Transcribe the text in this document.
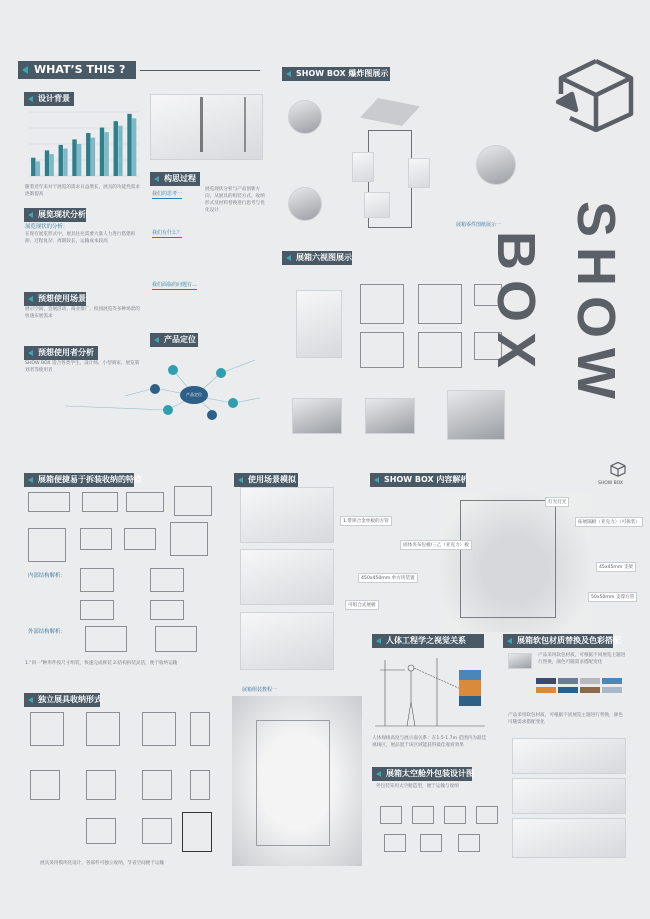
WHAT’S THIS ?
设计背景
随着近年来对于展览的需求日益增长，展具的功能性需求逐渐提高
展览现状分析
展览现状的分析：
在现有展览形式中，展具往往需要大量人力进行搭建拆卸，过程复杂，周期较长，运输成本较高
预想使用场景
展示空间、会展活动、商业推广、校园展览等多种场景的快速布展需求
预想使用者分析
SHOW BOX 适合各类学生、设计师、小型商家、展览策划者等使用者
构思过程
我们的思考一
我们有什么？
我们面临的问题有...
展览现状分析与产品创新方向，从展具的组装方式、收纳形式及材料替换进行思考与优化设计
产品定位
产品定位
SHOW BOX 爆炸图展示
展箱零件图纸展示一
展箱六视图展示	SHOW BOX
展箱便捷易于拆装收纳的特点
内部结构解析：
外部结构解析：
1."同一"种形件按尺寸组装，快速完成拆装 2.结构拆装灵活，便于收纳运输
独立展具收纳形式
展具采用模块化设计，各部件可独立收纳，节省空间便于运输
使用场景模拟
展箱组装教程一
SHOW BOX 内容解析	SHOW BOX
1.带锁合金单板的方管
可组合式展板
固体夹布包板/三乙（亚克力）板
450x450mm 单方块装置
灯光灯光
拓展隔板（亚克力）（可拆装）
45x45mm 支架
50x50mm 支撑方管
人体工程学之视觉关系
人体视线高度与展示面关系：在1.5-1.7m 范围内为最佳视线区，展品置于该区域能获得最佳观看效果
展箱软包材质替换及色彩搭配
产品采用软包材质，可根据不同展览主题进行替换，颜色可随需求搭配变化
产品采用软包材质，可根据不同展览主题进行替换，颜色可随需求搭配变化
展箱太空舱外包装设计图
外包装采用太空舱造型，便于运输与收纳
